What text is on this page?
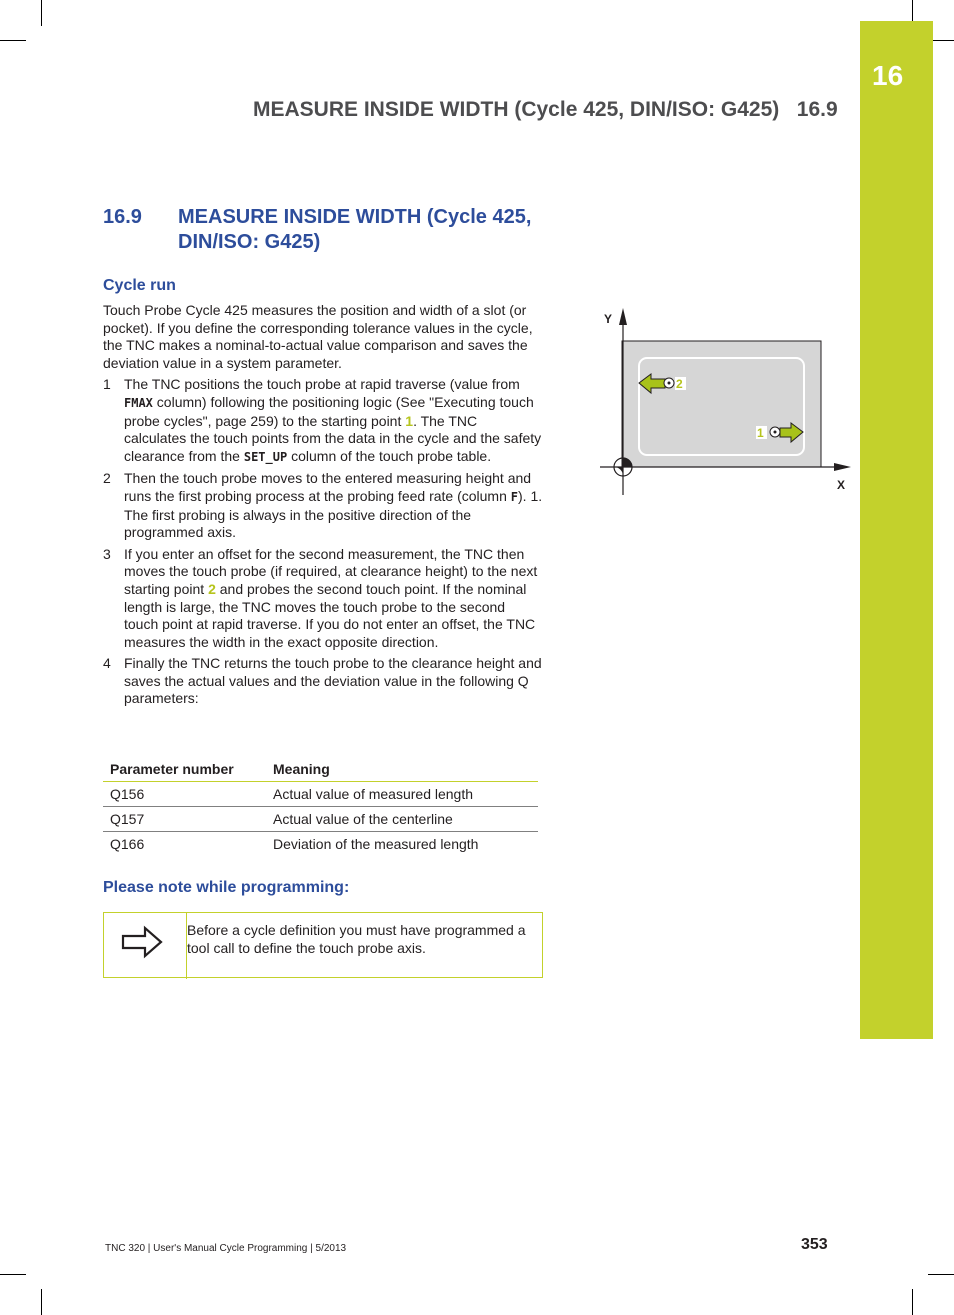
16
MEASURE INSIDE WIDTH (Cycle 425, DIN/ISO: G425)   16.9
16.9 MEASURE INSIDE WIDTH (Cycle 425, DIN/ISO: G425)
Cycle run

Touch Probe Cycle 425 measures the position and width of a slot (or pocket). If you define the corresponding tolerance values in the cycle, the TNC makes a nominal-to-actual value comparison and saves the deviation value in a system parameter.

1 The TNC positions the touch probe at rapid traverse (value from FMAX column) following the positioning logic (See "Executing touch probe cycles", page 259) to the starting point 1. The TNC calculates the touch points from the data in the cycle and the safety clearance from the SET_UP column of the touch probe table.
2 Then the touch probe moves to the entered measuring height and runs the first probing process at the probing feed rate (column F). 1. The first probing is always in the positive direction of the programmed axis.
3 If you enter an offset for the second measurement, the TNC then moves the touch probe (if required, at clearance height) to the next starting point 2 and probes the second touch point. If the nominal length is large, the TNC moves the touch probe to the second touch point at rapid traverse. If you do not enter an offset, the TNC measures the width in the exact opposite direction.
4 Finally the TNC returns the touch probe to the clearance height and saves the actual values and the deviation value in the following Q parameters:
Parameter number	Meaning
Q156	Actual value of measured length
Q157	Actual value of the centerline
Q166	Deviation of the measured length
Please note while programming:
Before a cycle definition you must have programmed a tool call to define the touch probe axis.
Y
X
2
1
TNC 320 | User's Manual Cycle Programming | 5/2013	353
